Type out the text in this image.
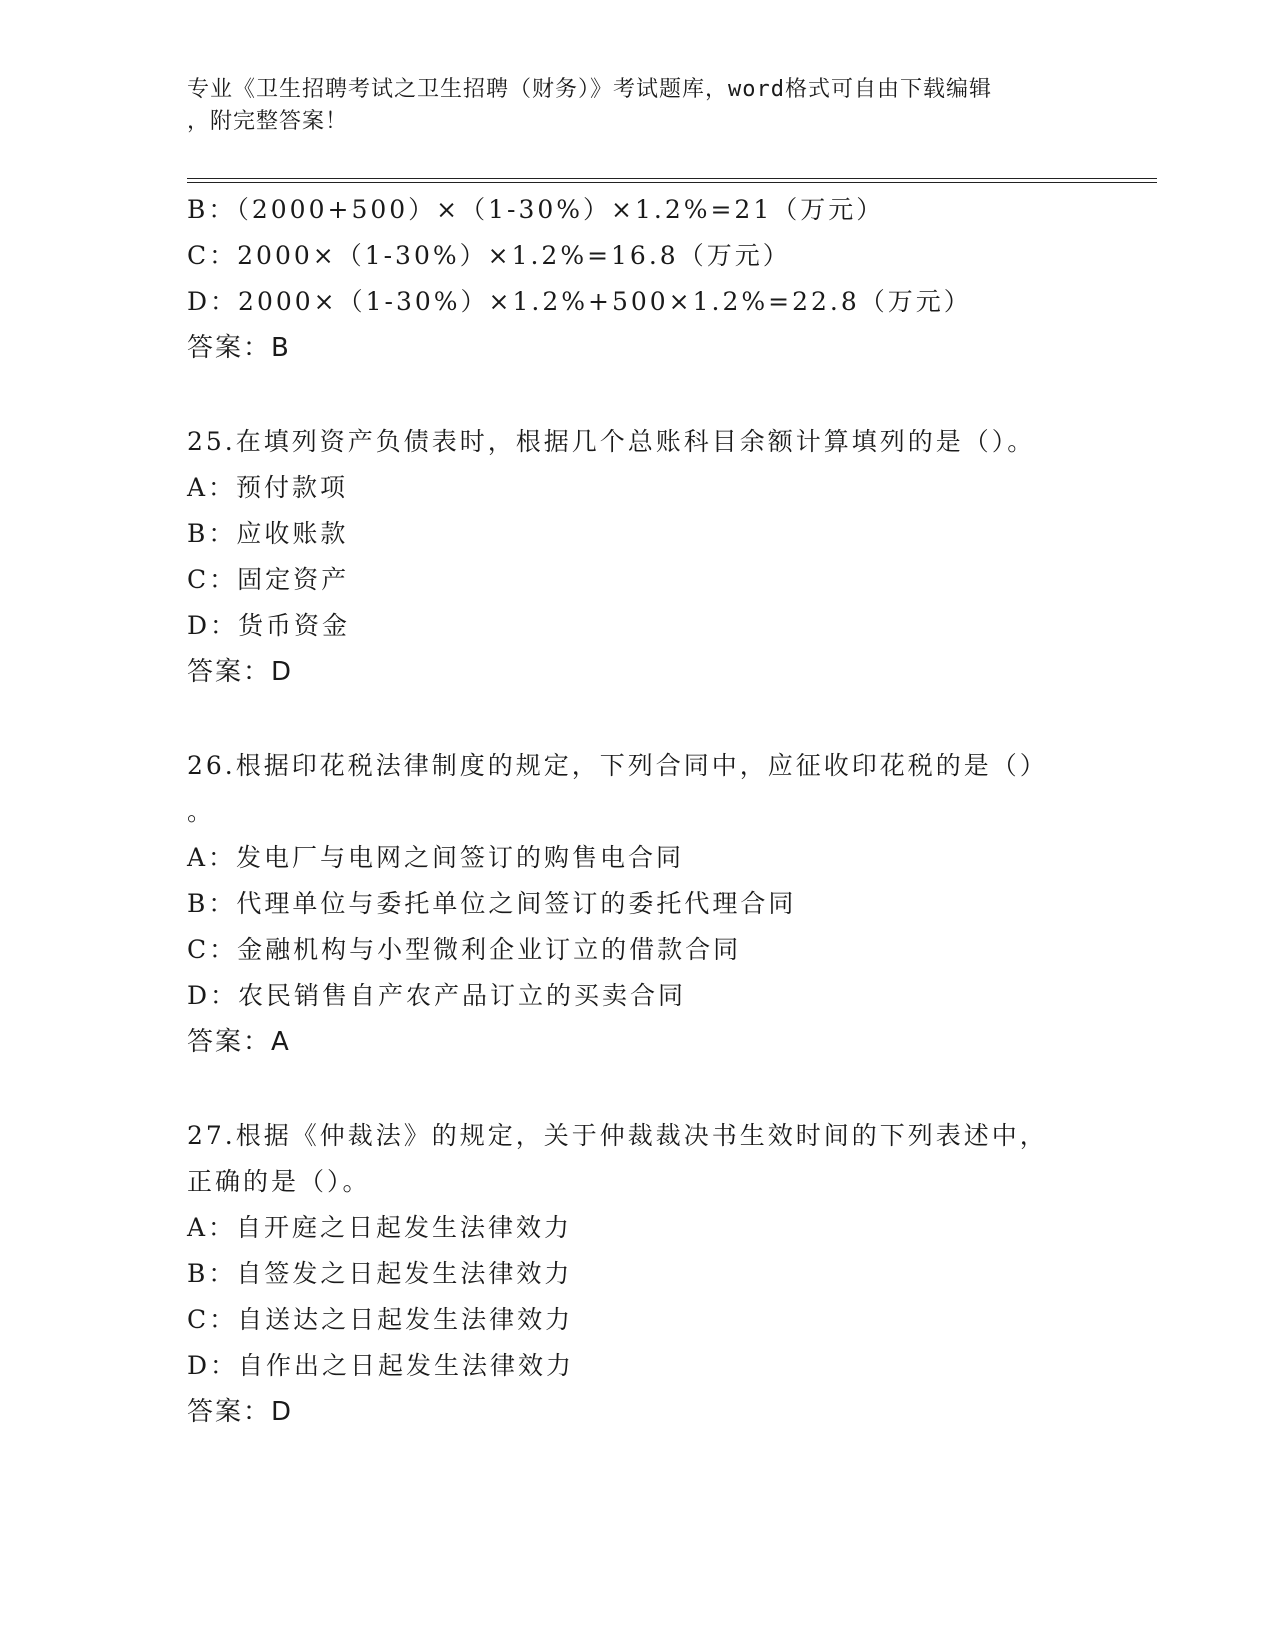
专业《卫生招聘考试之卫生招聘（财务）》考试题库，word格式可自由下载编辑
，附完整答案！
B：（2000+500）×（1-30%）×1.2%=21（万元）
C：2000×（1-30%）×1.2%=16.8（万元）
D：2000×（1-30%）×1.2%+500×1.2%=22.8（万元）
答案：B
25.在填列资产负债表时，根据几个总账科目余额计算填列的是（）。
A：预付款项
B：应收账款
C：固定资产
D：货币资金
答案：D
26.根据印花税法律制度的规定，下列合同中，应征收印花税的是（）
。
A：发电厂与电网之间签订的购售电合同
B：代理单位与委托单位之间签订的委托代理合同
C：金融机构与小型微利企业订立的借款合同
D：农民销售自产农产品订立的买卖合同
答案：A
27.根据《仲裁法》的规定，关于仲裁裁决书生效时间的下列表述中，
正确的是（）。
A：自开庭之日起发生法律效力
B：自签发之日起发生法律效力
C：自送达之日起发生法律效力
D：自作出之日起发生法律效力
答案：D
